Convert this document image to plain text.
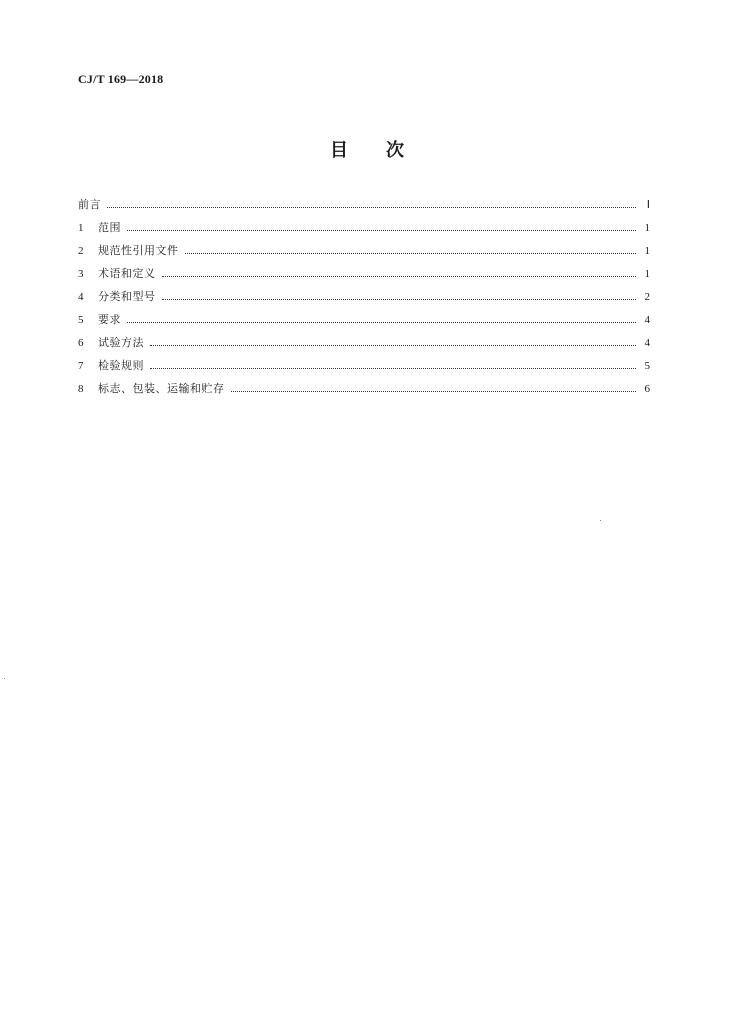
CJ/T 169—2018
目 次
前言	Ⅰ
1	范围	1
2	规范性引用文件	1
3	术语和定义	1
4	分类和型号	2
5	要求	4
6	试验方法	4
7	检验规则	5
8	标志、包装、运输和贮存	6
